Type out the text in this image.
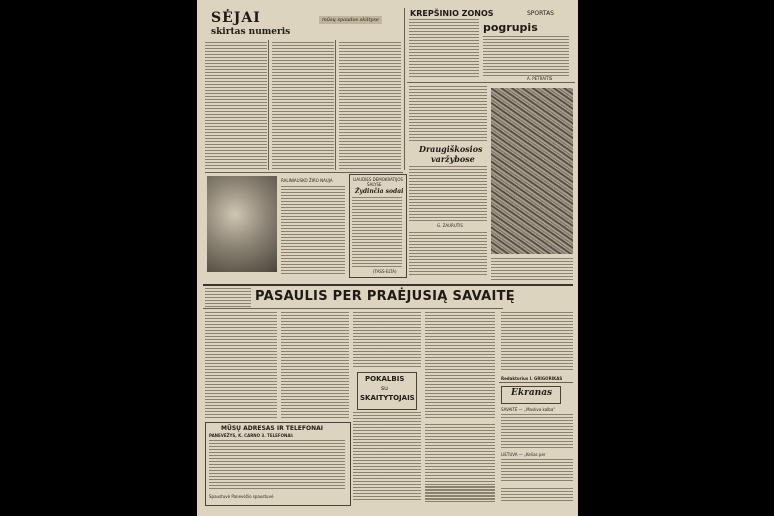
SĖJAI
skirtas numeris
mūsų spaudos skiltyse
KREPŠINIO ZONOS	SPORTAS
pogrupis
A. PETRAITIS
Draugiškosios
varžybose
G. ZAURUTIS
RALINIAUSKO ŽIRO NAUJA	LIAUDIES DEMOKRATIJOS
ŠALYSE
Žydinčia sodai
(TASS-ELTA)
PASAULIS PER PRAĖJUSIĄ SAVAITĘ
POKALBIS
su
SKAITYTOJAIS
Redaktorius I. GRIGORIKAS
Ekranas
SAVAITĖ — „Maskva kalba“
LIETUVA — „Kelias per
MŪSŲ ADRESAS IR TELEFONAI
PANEVĖŽYS, K. CARNO 3. TELEFONAI:
Spaustuvė Panevėžio spaustuvė
